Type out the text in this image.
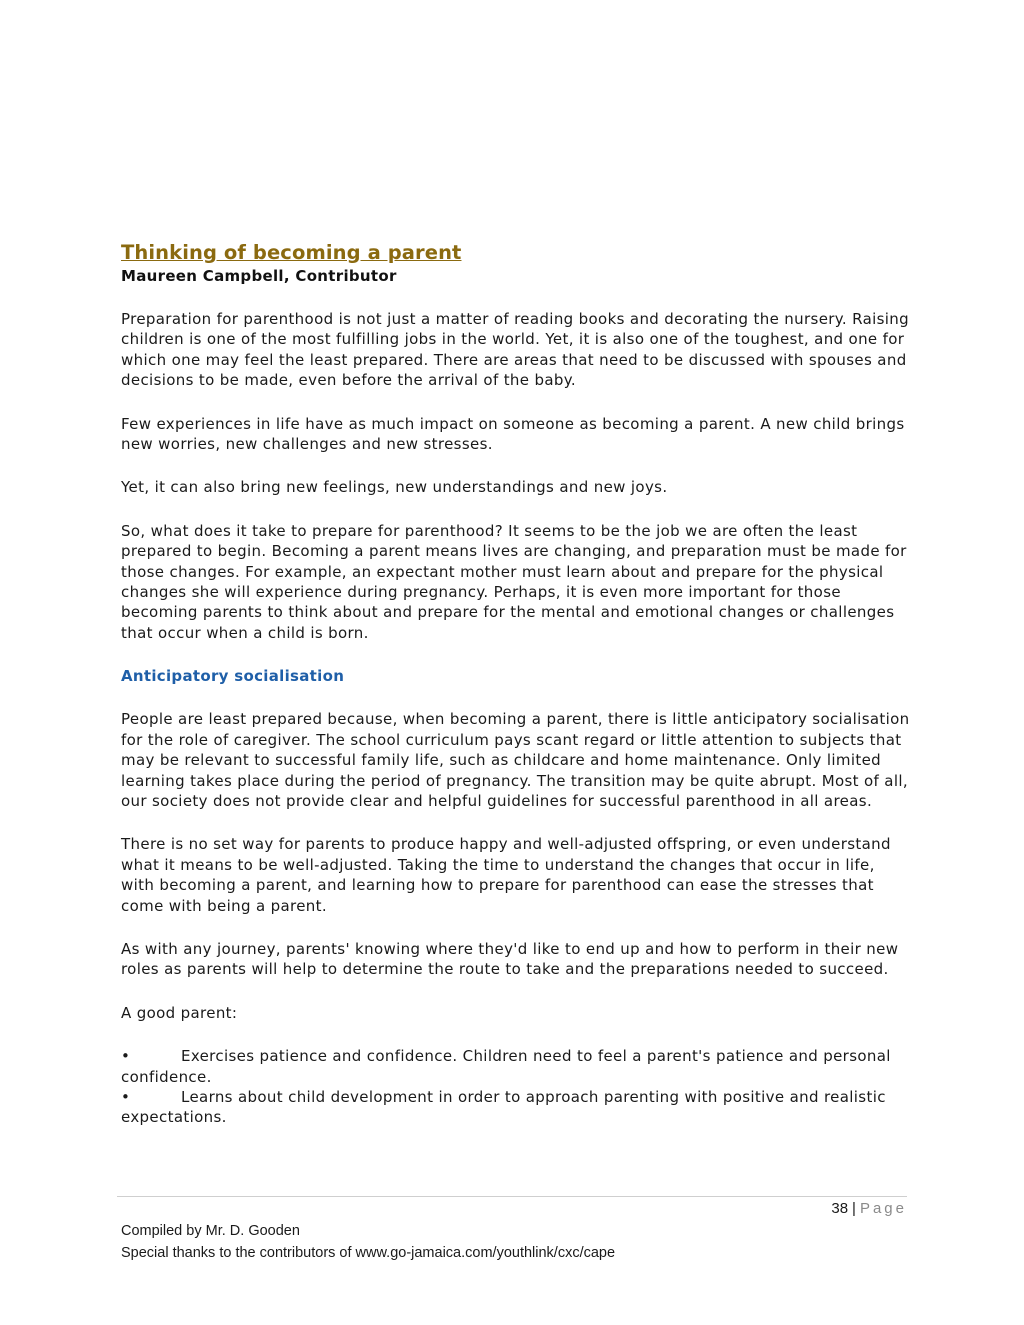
Thinking of becoming a parent
Maureen Campbell, Contributor

Preparation for parenthood is not just a matter of reading books and decorating the nursery. Raising children is one of the most fulfilling jobs in the world. Yet, it is also one of the toughest, and one for which one may feel the least prepared. There are areas that need to be discussed with spouses and decisions to be made, even before the arrival of the baby.

Few experiences in life have as much impact on someone as becoming a parent. A new child brings new worries, new challenges and new stresses.

Yet, it can also bring new feelings, new understandings and new joys.

So, what does it take to prepare for parenthood? It seems to be the job we are often the least prepared to begin. Becoming a parent means lives are changing, and preparation must be made for those changes. For example, an expectant mother must learn about and prepare for the physical changes she will experience during pregnancy. Perhaps, it is even more important for those becoming parents to think about and prepare for the mental and emotional changes or challenges that occur when a child is born.

Anticipatory socialisation

People are least prepared because, when becoming a parent, there is little anticipatory socialisation for the role of caregiver. The school curriculum pays scant regard or little attention to subjects that may be relevant to successful family life, such as childcare and home maintenance. Only limited learning takes place during the period of pregnancy. The transition may be quite abrupt. Most of all, our society does not provide clear and helpful guidelines for successful parenthood in all areas.

There is no set way for parents to produce happy and well-adjusted offspring, or even understand what it means to be well-adjusted. Taking the time to understand the changes that occur in life, with becoming a parent, and learning how to prepare for parenthood can ease the stresses that come with being a parent.

As with any journey, parents' knowing where they'd like to end up and how to perform in their new roles as parents will help to determine the route to take and the preparations needed to succeed.

A good parent:

•	Exercises patience and confidence. Children need to feel a parent's patience and personal confidence.
•	Learns about child development in order to approach parenting with positive and realistic expectations.
38 | Page
Compiled by Mr. D. Gooden
Special thanks to the contributors of www.go-jamaica.com/youthlink/cxc/cape
